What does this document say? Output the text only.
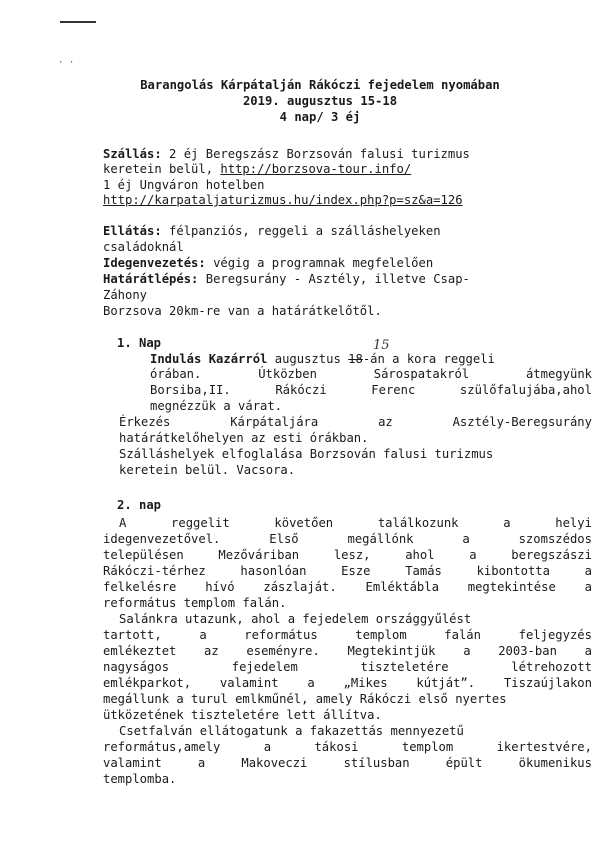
· ·
Barangolás Kárpátalján Rákóczi fejedelem nyomában
2019. augusztus 15-18
4 nap/ 3 éj
Szállás: 2 éj Beregszász Borzsován falusi turizmus
keretein belül, http://borzsova-tour.info/
1 éj Ungváron hotelben
http://karpataljaturizmus.hu/index.php?p=sz&a=126
Ellátás: félpanziós, reggeli a szálláshelyeken
családoknál
Idegenvezetés: végig a programnak megfelelően
Határátlépés: Beregsurány - Asztély, illetve Csap-
Záhony
Borzsova 20km-re van a határátkelőtől.
1. Nap	15
Indulás Kazárról augusztus 18-án a kora reggeli
órában.	Útközben	Sárospatakról	átmegyünk
Borsiba,II.	Rákóczi	Ferenc	szülőfalujába,ahol
megnézzük a várat.
Érkezés	Kárpátaljára	az	Asztély-Beregsurány
határátkelőhelyen az esti órákban.
Szálláshelyek elfoglalása Borzsován falusi turizmus
keretein belül. Vacsora.
2. nap
A	reggelit	követően	találkozunk	a	helyi
idegenvezetővel.	Első	megállónk	a	szomszédos
településen	Mezőváriban	lesz,	ahol	a	beregszászi
Rákóczi-térhez	hasonlóan	Esze	Tamás	kibontotta	a
felkelésre hívó zászlaját. Emléktábla megtekintése a
református templom falán.
Salánkra utazunk, ahol a fejedelem országgyűlést
tartott,	a	református	templom	falán	feljegyzés
emlékeztet az eseményre. Megtekintjük a 2003-ban a
nagyságos	fejedelem	tiszteletére	létrehozott
emlékparkot, valamint a „Mikes kútját”. Tiszaújlakon
megállunk a turul emlkműnél, amely Rákóczi első nyertes
ütközetének tiszteletére lett állítva.
Csetfalván ellátogatunk a fakazettás mennyezetű
református,amely	a	tákosi	templom	ikertestvére,
valamint	a	Makoveczi	stílusban	épült	ökumenikus
templomba.
